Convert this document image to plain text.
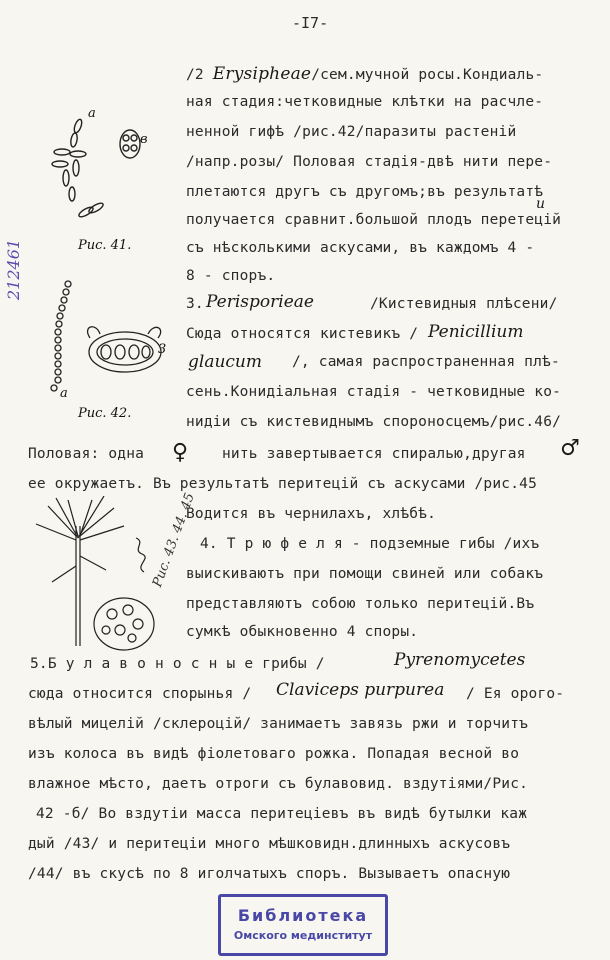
-I7-
212461
а
в
Рис. 41.
3
а
Рис. 42.
Рис. 43. 44. 45
/2 Erysipheae/сем.мучной росы.Кондиаль-
ная стадия:четковидные клѣтки на расчле-
ненной гифѣ /рис.42/паразиты растенiй
/напр.розы/ Половая стадiя-двѣ нити пере-
плетаются другъ съ другомъ;въ результатѣ
и
получается сравнит.большой плодъ перетецiй
съ нѣсколькими аскусами, въ каждомъ 4 -
8 - споръ.
3. Perisporieae	/Кистевидныя плѣсени/
Сюда относятся кистевикъ / Penicillium
glaucum /, самая распространенная плѣ-
сень.Конидiальная стадiя - четковидные ко-
нидiи съ кистевиднымъ спороносцемъ/рис.46/
Половая: одна ♀ нить завертывается спиралью,другая ♂
ее окружаетъ. Въ результатѣ перитецiй съ аскусами /рис.45
Водится въ чернилахъ, хлѣбѣ.
4. Т р ю ф е л я - подземные гибы /ихъ
выискиваютъ при помощи свиней или собакъ
представляютъ собою только перитецiй.Въ
сумкѣ обыкновенно 4 споры.
5.Б у л а в о н о с н ы е грибы /	Pyrenomycetes
сюда относится спорынья / Claviceps purpurea / Ея орого-
вѣлый мицелiй /склероцiй/ занимаетъ завязь ржи и торчитъ
изъ колоса въ видѣ фiолетоваго рожка. Попадая весной во
влажное мѣсто, даетъ отроги съ булавовид. вздутiями/Рис.
42 -б/ Во вздутiи масса перитецiевъ въ видѣ бутылки каж
дый /43/ и перитецiи много мѣшковидн.длинныхъ аскусовъ
/44/ въ скусѣ по 8 иголчатыхъ споръ. Вызываетъ опасную
Библиотека
Омского мединститут
